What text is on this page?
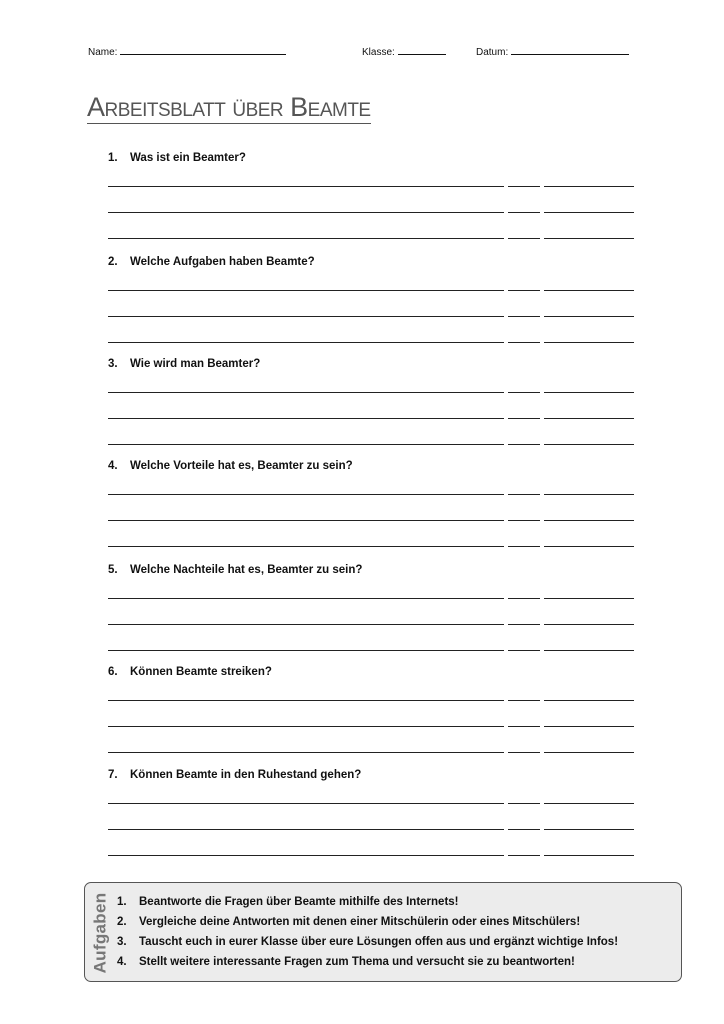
Name:	Klasse:	Datum:
Arbeitsblatt über Beamte
1. Was ist ein Beamter?
2. Welche Aufgaben haben Beamte?
3. Wie wird man Beamter?
4. Welche Vorteile hat es, Beamter zu sein?
5. Welche Nachteile hat es, Beamter zu sein?
6. Können Beamte streiken?
7. Können Beamte in den Ruhestand gehen?
Aufgaben 1. Beantworte die Fragen über Beamte mithilfe des Internets!
2. Vergleiche deine Antworten mit denen einer Mitschülerin oder eines Mitschülers!
3. Tauscht euch in eurer Klasse über eure Lösungen offen aus und ergänzt wichtige Infos!
4. Stellt weitere interessante Fragen zum Thema und versucht sie zu beantworten!
